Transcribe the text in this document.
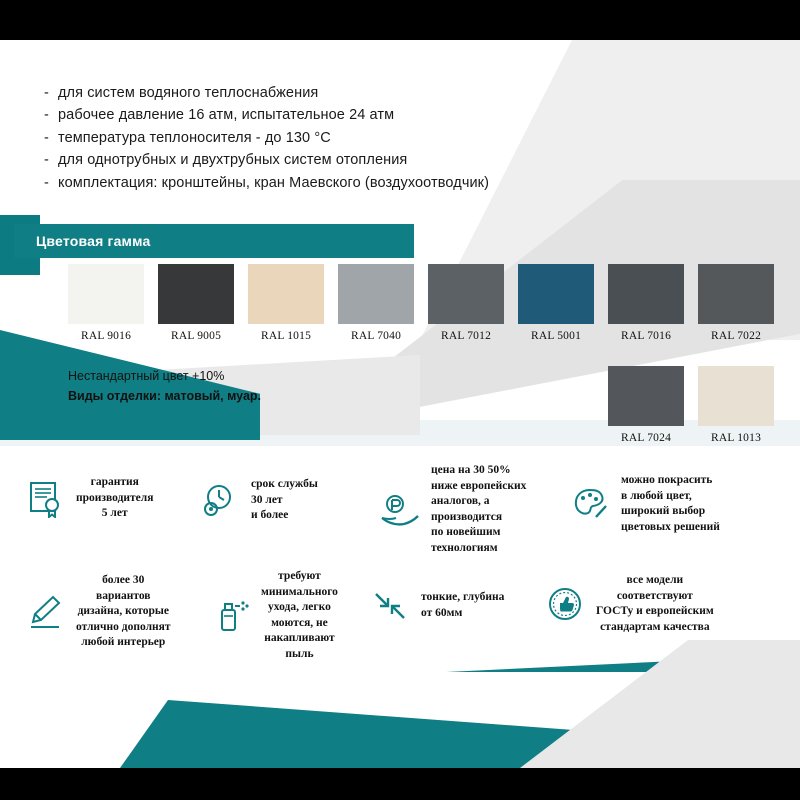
- для систем водяного теплоснабжения
- рабочее давление 16 атм, испытательное 24 атм
- температура теплоносителя - до 130 °C
- для однотрубных и двухтрубных систем отопления
- комплектация: кронштейны, кран Маевского (воздухоотводчик)
Цветовая гамма
RAL 9016	RAL 9005	RAL 1015	RAL 7040	RAL 7012	RAL 5001	RAL 7016	RAL 7022
RAL 7024	RAL 1013
Нестандартный цвет +10%
Виды отделки: матовый, муар.
гарантия
производителя
5 лет
срок службы
30 лет
и более
цена на 30 50%
ниже европейских
аналогов, а
производится
по новейшим
технологиям
можно покрасить
в любой цвет,
широкий выбор
цветовых решений
более 30
вариантов
дизайна, которые
отлично дополнят
любой интерьер
требуют
минимального
ухода, легко
моются, не
накапливают
пыль
тонкие, глубина
от 60мм
все модели
соответствуют
ГОСТу и европейским
стандартам качества
